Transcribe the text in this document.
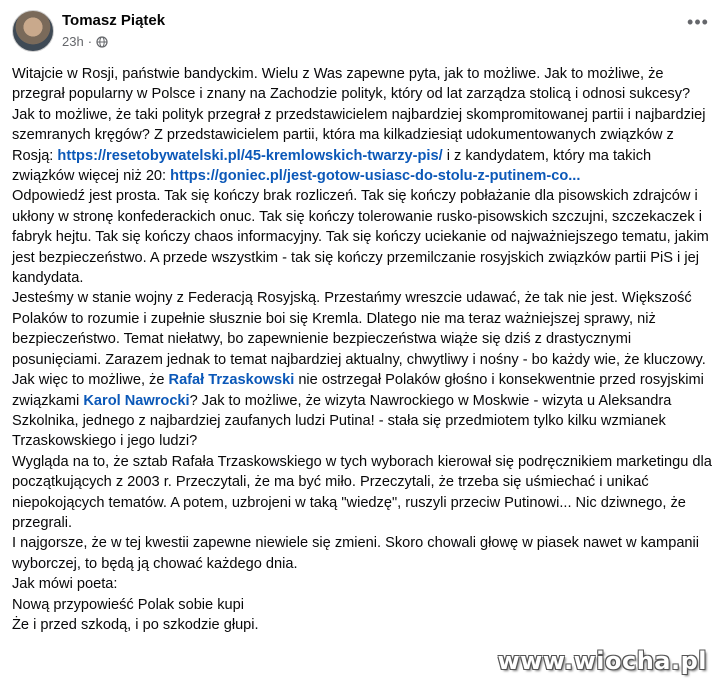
Tomasz Piątek
23h ·
•••

Witajcie w Rosji, państwie bandyckim. Wielu z Was zapewne pyta, jak to możliwe. Jak to możliwe, że przegrał popularny w Polsce i znany na Zachodzie polityk, który od lat zarządza stolicą i odnosi sukcesy? Jak to możliwe, że taki polityk przegrał z przedstawicielem najbardziej skompromitowanej partii i najbardziej szemranych kręgów? Z przedstawicielem partii, która ma kilkadziesiąt udokumentowanych związków z Rosją: https://resetobywatelski.pl/45-kremlowskich-twarzy-pis/ i z kandydatem, który ma takich związków więcej niż 20: https://goniec.pl/jest-gotow-usiasc-do-stolu-z-putinem-co...

Odpowiedź jest prosta. Tak się kończy brak rozliczeń. Tak się kończy pobłażanie dla pisowskich zdrajców i ukłony w stronę konfederackich onuc. Tak się kończy tolerowanie rusko-pisowskich szczujni, szczekaczek i fabryk hejtu. Tak się kończy chaos informacyjny. Tak się kończy uciekanie od najważniejszego tematu, jakim jest bezpieczeństwo. A przede wszystkim - tak się kończy przemilczanie rosyjskich związków partii PiS i jej kandydata.

Jesteśmy w stanie wojny z Federacją Rosyjską. Przestańmy wreszcie udawać, że tak nie jest. Większość Polaków to rozumie i zupełnie słusznie boi się Kremla. Dlatego nie ma teraz ważniejszej sprawy, niż bezpieczeństwo. Temat niełatwy, bo zapewnienie bezpieczeństwa wiąże się dziś z drastycznymi posunięciami. Zarazem jednak to temat najbardziej aktualny, chwytliwy i nośny - bo każdy wie, że kluczowy.

Jak więc to możliwe, że Rafał Trzaskowski nie ostrzegał Polaków głośno i konsekwentnie przed rosyjskimi związkami Karol Nawrocki? Jak to możliwe, że wizyta Nawrockiego w Moskwie - wizyta u Aleksandra Szkolnika, jednego z najbardziej zaufanych ludzi Putina! - stała się przedmiotem tylko kilku wzmianek Trzaskowskiego i jego ludzi?

Wygląda na to, że sztab Rafała Trzaskowskiego w tych wyborach kierował się podręcznikiem marketingu dla początkujących z 2003 r. Przeczytali, że ma być miło. Przeczytali, że trzeba się uśmiechać i unikać niepokojących tematów. A potem, uzbrojeni w taką "wiedzę", ruszyli przeciw Putinowi... Nic dziwnego, że przegrali.

I najgorsze, że w tej kwestii zapewne niewiele się zmieni. Skoro chowali głowę w piasek nawet w kampanii wyborczej, to będą ją chować każdego dnia.

Jak mówi poeta:

Nową przypowieść Polak sobie kupi

Że i przed szkodą, i po szkodzie głupi.

www.wiocha.pl
